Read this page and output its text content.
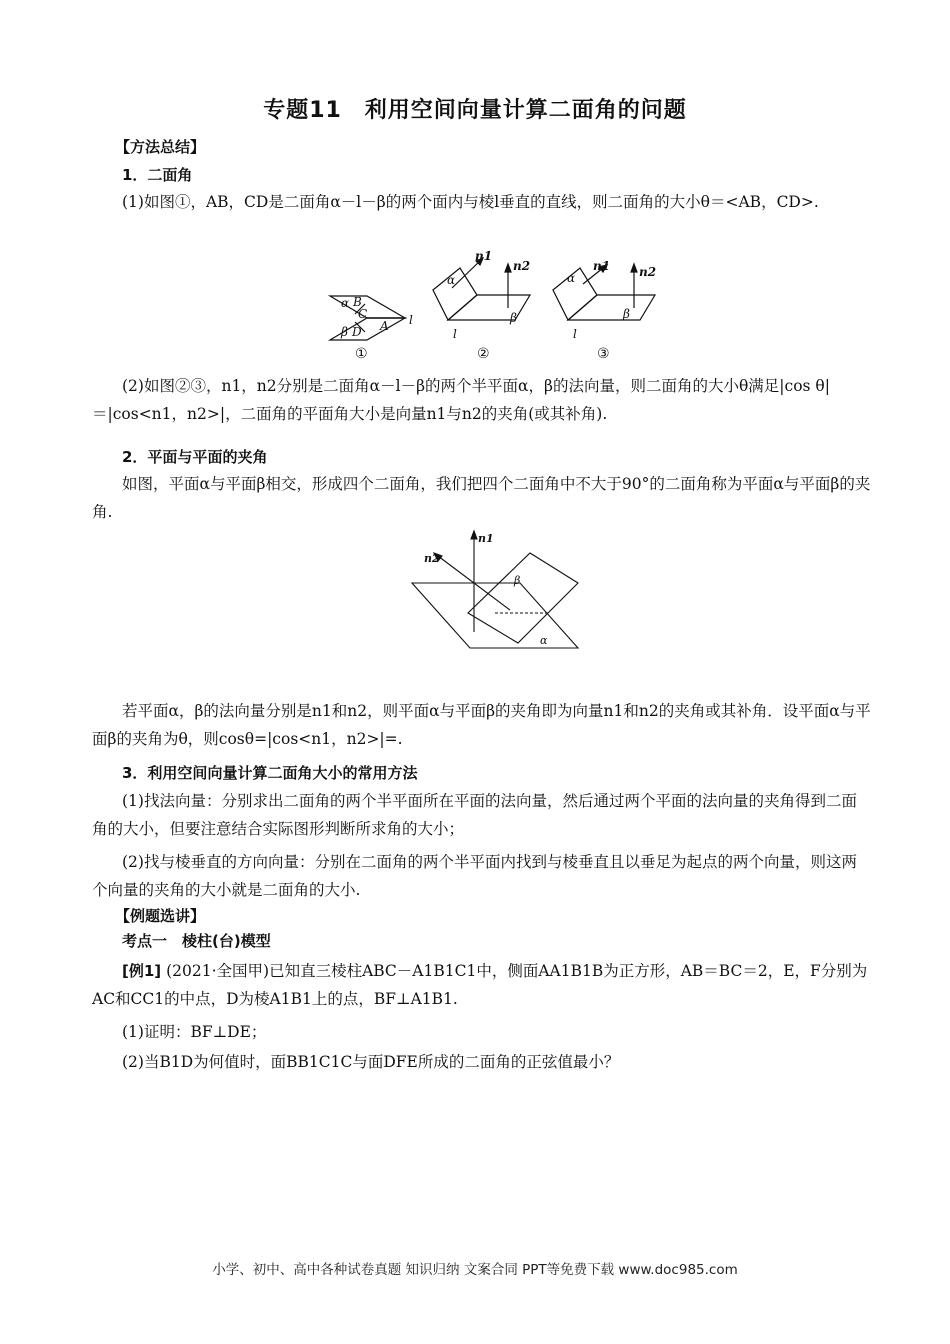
专题11　利用空间向量计算二面角的问题
【方法总结】
1．二面角
(1)如图①，AB，CD是二面角α－l－β的两个面内与棱l垂直的直线，则二面角的大小θ＝<AB，CD>.
α B
C
β D A l
α
β
l
n1
n2
α
β
l
n1 n2
①	②	③
(2)如图②③，n1，n2分别是二面角α－l－β的两个半平面α，β的法向量，则二面角的大小θ满足|cos θ|＝|cos<n1，n2>|，二面角的平面角大小是向量n1与n2的夹角(或其补角).
2．平面与平面的夹角
如图，平面α与平面β相交，形成四个二面角，我们把四个二面角中不大于90°的二面角称为平面α与平面β的夹角.
n1
n2
β
α
若平面α，β的法向量分别是n1和n2，则平面α与平面β的夹角即为向量n1和n2的夹角或其补角．设平面α与平面β的夹角为θ，则cosθ=|cos<n1，n2>|=.
3．利用空间向量计算二面角大小的常用方法
(1)找法向量：分别求出二面角的两个半平面所在平面的法向量，然后通过两个平面的法向量的夹角得到二面角的大小，但要注意结合实际图形判断所求角的大小；
(2)找与棱垂直的方向向量：分别在二面角的两个半平面内找到与棱垂直且以垂足为起点的两个向量，则这两个向量的夹角的大小就是二面角的大小.
【例题选讲】
考点一　棱柱(台)模型
[例1] (2021·全国甲)已知直三棱柱ABC－A1B1C1中，侧面AA1B1B为正方形，AB＝BC＝2，E，F分别为AC和CC1的中点，D为棱A1B1上的点，BF⊥A1B1.
(1)证明：BF⊥DE；
(2)当B1D为何值时，面BB1C1C与面DFE所成的二面角的正弦值最小？
小学、初中、高中各种试卷真题 知识归纳 文案合同 PPT等免费下载 www.doc985.com
